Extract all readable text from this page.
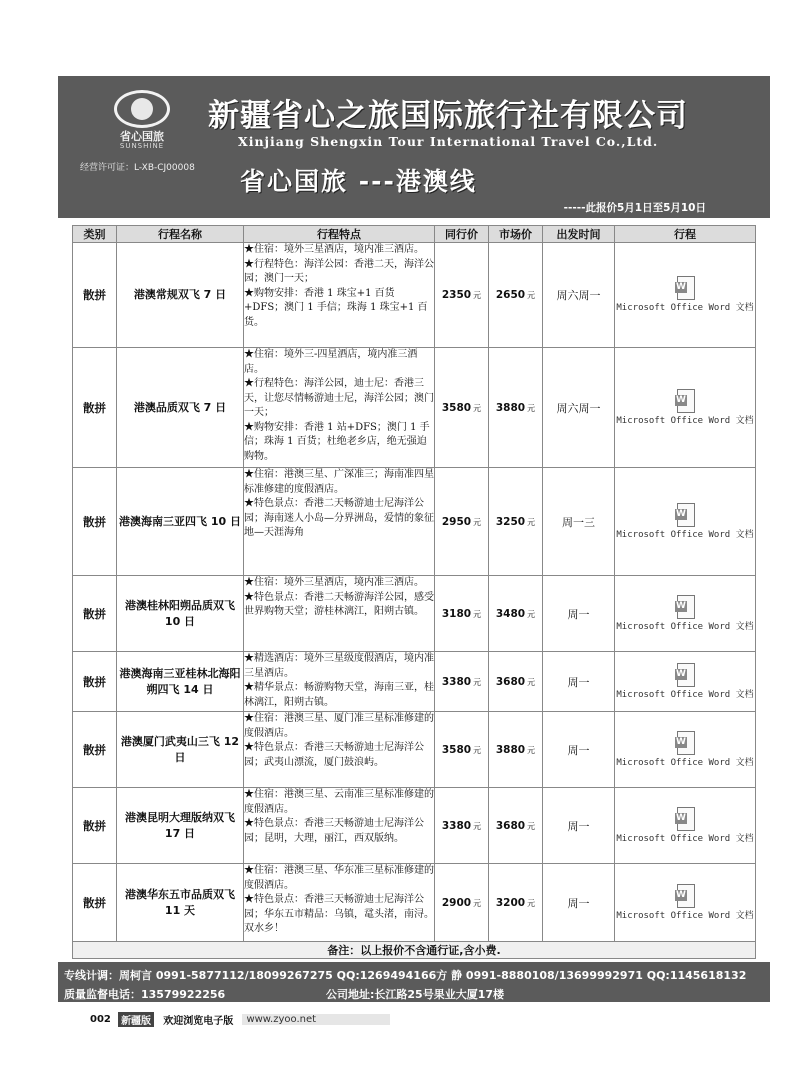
省心国旅
SUNSHINE
新疆省心之旅国际旅行社有限公司
Xinjiang Shengxin Tour International Travel Co.,Ltd.
经营许可证：L-XB-CJ00008 省心国旅 ---港澳线
-----此报价5月1日至5月10日
类别	行程名称	行程特点	同行价	市场价	出发时间	行程
散拼	港澳常规双飞 7 日	★住宿：境外三星酒店，境内准三酒店。
★行程特色：海洋公园：香港二天，海洋公园；澳门一天；
★购物安排：香港 1 珠宝+1 百货+DFS；澳门 1 手信；珠海 1 珠宝+1 百货。	2350 元	2650 元	周六周一	W
Microsoft Office Word 文档
散拼	港澳品质双飞 7 日	★住宿：境外三-四星酒店，境内准三酒店。
★行程特色：海洋公园，迪士尼：香港三天，让您尽情畅游迪士尼，海洋公园；澳门一天；
★购物安排：香港 1 站+DFS；澳门 1 手信；珠海 1 百货；杜绝老乡店，绝无强迫购物。	3580 元	3880 元	周六周一	W
Microsoft Office Word 文档
散拼	港澳海南三亚四飞 10 日	★住宿：港澳三星、广深准三；海南准四星标准修建的度假酒店。
★特色景点：香港二天畅游迪士尼海洋公园；海南迷人小岛—分界洲岛，爱情的象征地—天涯海角	2950 元	3250 元	周一三	W
Microsoft Office Word 文档
散拼	港澳桂林阳朔品质双飞 10 日	★住宿：境外三星酒店，境内准三酒店。
★特色景点：香港二天畅游海洋公园，感受世界购物天堂；游桂林漓江，阳朔古镇。	3180 元	3480 元	周一	W
Microsoft Office Word 文档
散拼	港澳海南三亚桂林北海阳朔四飞 14 日	★精选酒店：境外三星级度假酒店，境内准三星酒店。
★精华景点：畅游购物天堂，海南三亚，桂林漓江，阳朔古镇。	3380 元	3680 元	周一	W
Microsoft Office Word 文档
散拼	港澳厦门武夷山三飞 12 日	★住宿：港澳三星、厦门准三星标准修建的度假酒店。
★特色景点：香港三天畅游迪士尼海洋公园；武夷山漂流，厦门鼓浪屿。	3580 元	3880 元	周一	W
Microsoft Office Word 文档
散拼	港澳昆明大理版纳双飞 17 日	★住宿：港澳三星、云南准三星标准修建的度假酒店。
★特色景点：香港三天畅游迪士尼海洋公园；昆明，大理，丽江，西双版纳。	3380 元	3680 元	周一	W
Microsoft Office Word 文档
散拼	港澳华东五市品质双飞 11 天	★住宿：港澳三星、华东准三星标准修建的度假酒店。
★特色景点：香港三天畅游迪士尼海洋公园；华东五市精品：乌镇，鼋头渚，南浔。双水乡！	2900 元	3200 元	周一	W
Microsoft Office Word 文档
备注：以上报价不含通行证,含小费.						
专线计调：周柯言 0991-5877112/18099267275 QQ:1269494166方 静 0991-8880108/13699992971 QQ:1145618132
质量监督电话：13579922256	公司地址:长江路25号果业大厦17楼
002 新疆版 欢迎浏览电子版 www.zyoo.net
